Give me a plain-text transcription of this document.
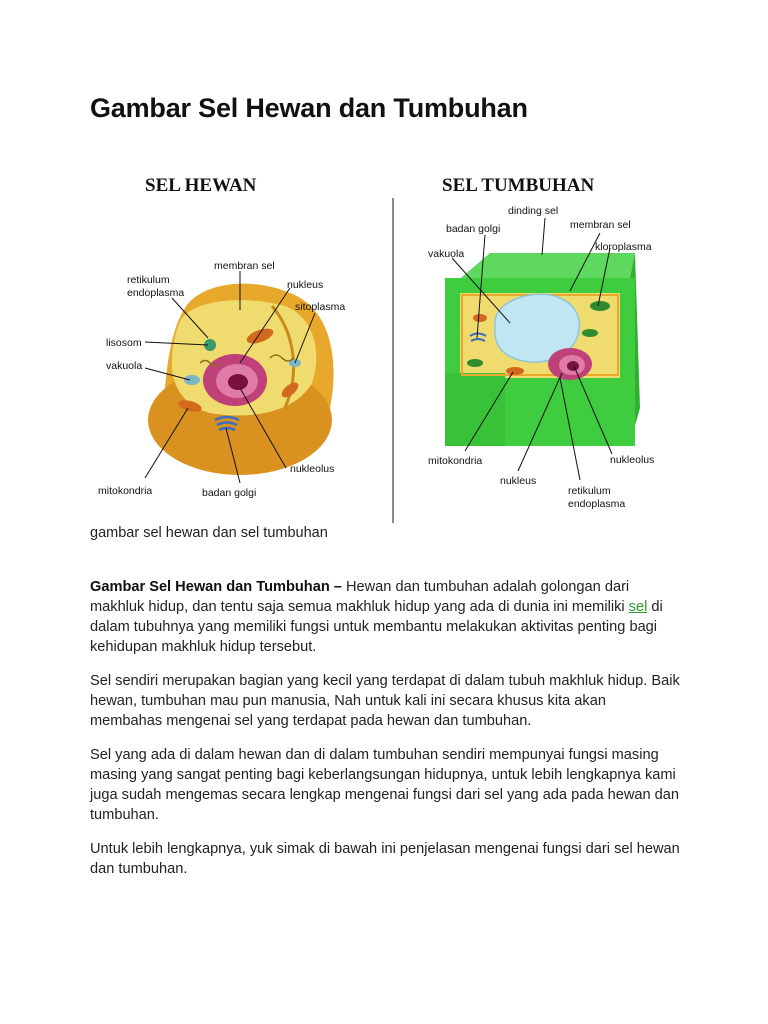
Gambar Sel Hewan dan Tumbuhan
SEL HEWAN	SEL TUMBUHAN
membran sel
retikulum
endoplasma
nukleus
sitoplasma
lisosom
vakuola
nukleolus
mitokondria	badan golgi
dinding sel
badan golgi	membran sel
vakuola
kloroplasma
mitokondria	nukleolus
nukleus
retikulum
endoplasma
gambar sel hewan dan sel tumbuhan

Gambar Sel Hewan dan Tumbuhan – Hewan dan tumbuhan adalah golongan dari makhluk hidup, dan tentu saja semua makhluk hidup yang ada di dunia ini memiliki sel di dalam tubuhnya yang memiliki fungsi untuk membantu melakukan aktivitas penting bagi kehidupan makhluk hidup tersebut.

Sel sendiri merupakan bagian yang kecil yang terdapat di dalam tubuh makhluk hidup. Baik hewan, tumbuhan mau pun manusia, Nah untuk kali ini secara khusus kita akan membahas mengenai sel yang terdapat pada hewan dan tumbuhan.

Sel yang ada di dalam hewan dan di dalam tumbuhan sendiri mempunyai fungsi masing masing yang sangat penting bagi keberlangsungan hidupnya, untuk lebih lengkapnya kami juga sudah mengemas secara lengkap mengenai fungsi dari sel yang ada pada hewan dan tumbuhan.

Untuk lebih lengkapnya, yuk simak di bawah ini penjelasan mengenai fungsi dari sel hewan dan tumbuhan.
